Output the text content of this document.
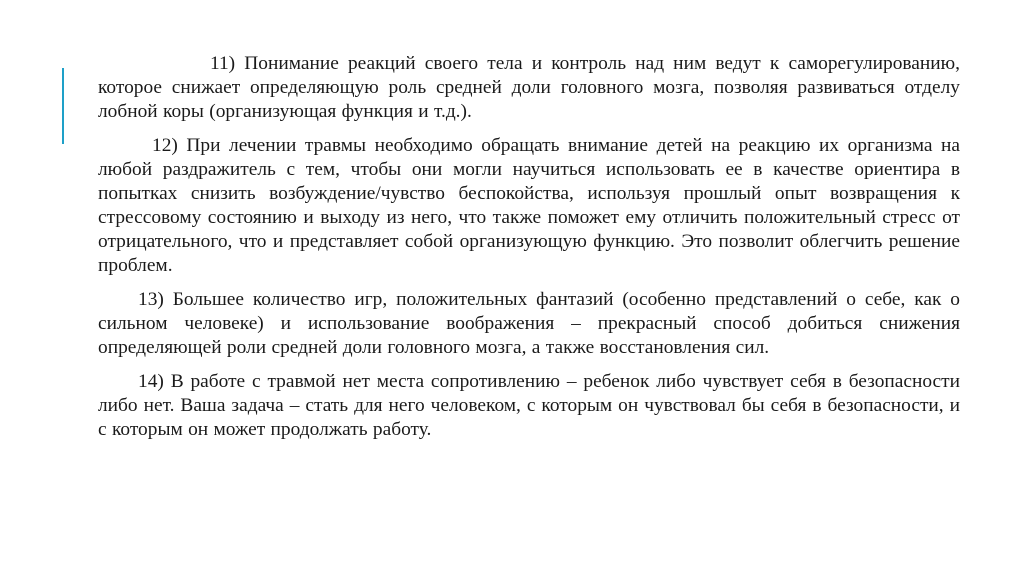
11) Понимание реакций своего тела и контроль над ним ведут к саморегулированию, которое снижает определяющую роль средней доли головного мозга, позволяя развиваться отделу лобной коры (организующая функция и т.д.).

12) При лечении травмы необходимо обращать внимание детей на реакцию их организма на любой раздражитель с тем, чтобы они могли научиться использовать ее в качестве ориентира в попытках снизить возбуждение/чувство беспокойства, используя прошлый опыт возвращения к стрессовому состоянию и выходу из него, что также поможет ему отличить положительный стресс от отрицательного, что и представляет собой организующую функцию. Это позволит облегчить решение проблем.

13) Большее количество игр, положительных фантазий (особенно представлений о себе, как о сильном человеке) и использование воображения – прекрасный способ добиться снижения определяющей роли средней доли головного мозга, а также восстановления сил.

14) В работе с травмой нет места сопротивлению – ребенок либо чувствует себя в безопасности либо нет. Ваша задача – стать для него человеком, с которым он чувствовал бы себя в безопасности, и с которым он может продолжать работу.
